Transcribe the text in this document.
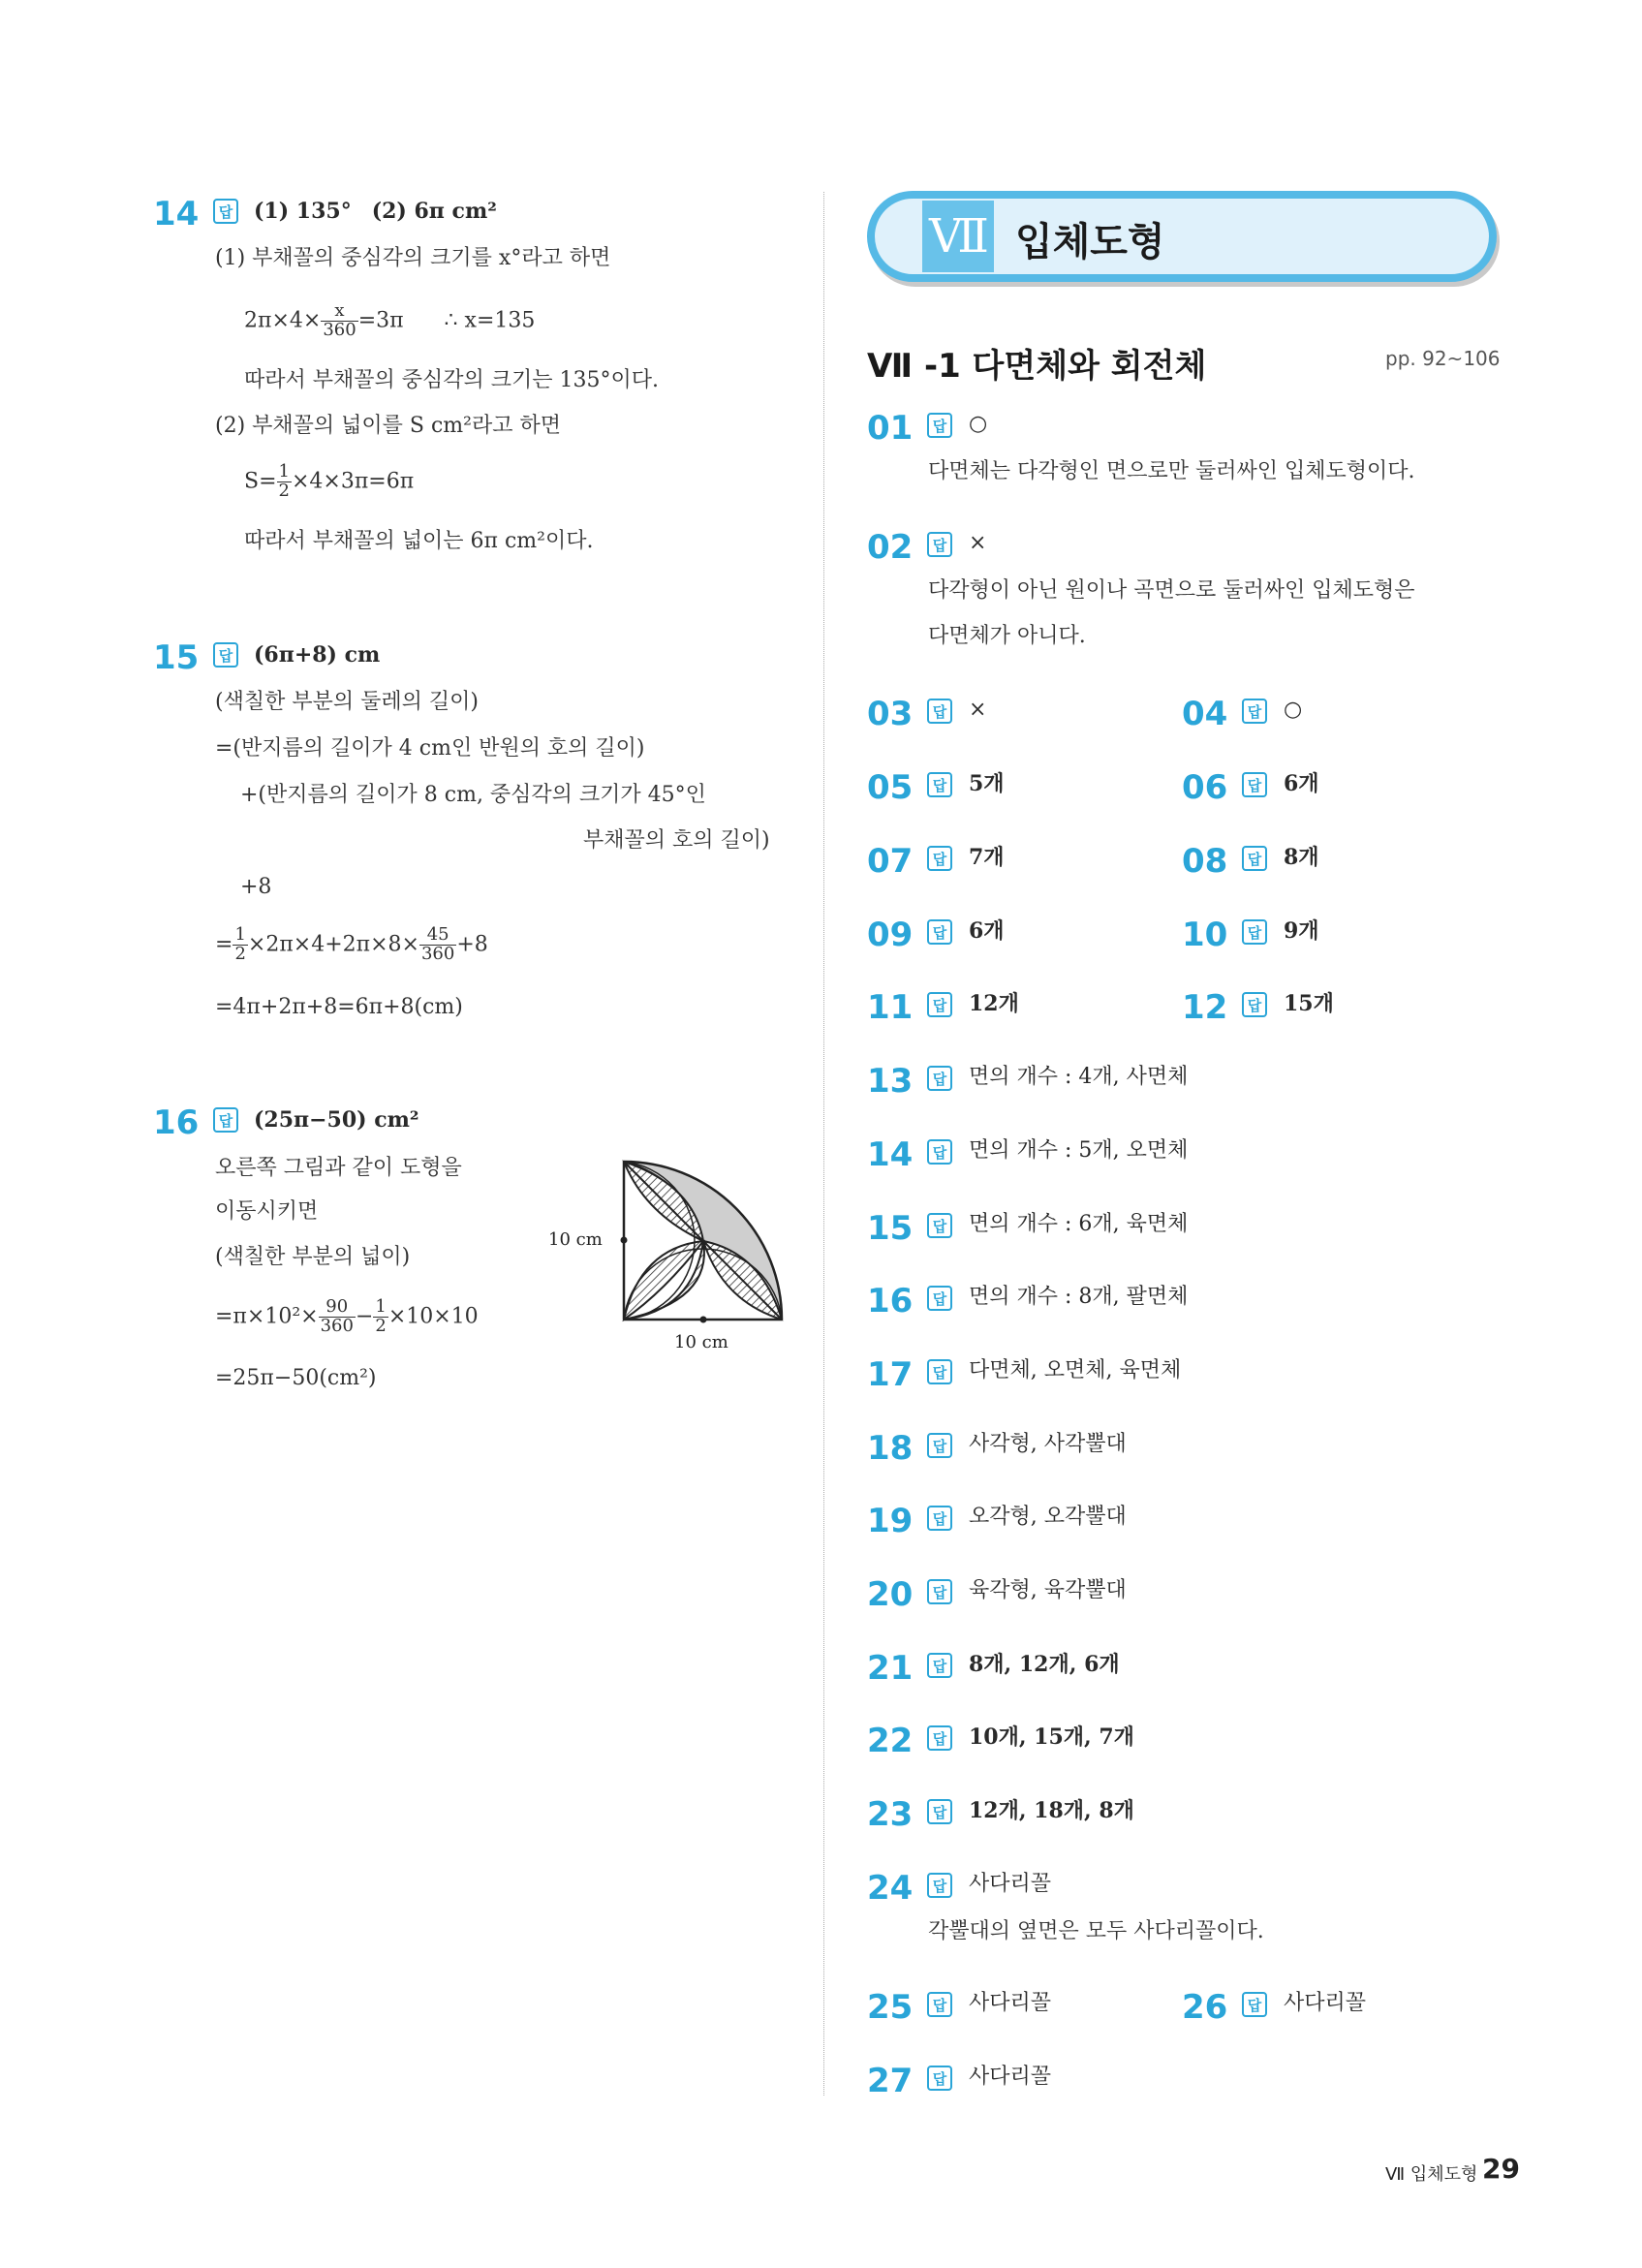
14	답 (1) 135° (2) 6π cm²
(1) 부채꼴의 중심각의 크기를 x°라고 하면
$2\pi\times 4\times \frac{x}{360} =3\pi$ ∴ x=135
따라서 부채꼴의 중심각의 크기는 135°이다.
(2) 부채꼴의 넓이를 S cm²라고 하면
$S= \frac{1}{2} \times 4\times 3\pi=6\pi$
따라서 부채꼴의 넓이는 6π cm²이다.
15	답 (6π+8) cm
(색칠한 부분의 둘레의 길이)
=(반지름의 길이가 4 cm인 반원의 호의 길이)
+(반지름의 길이가 8 cm, 중심각의 크기가 45°인
부채꼴의 호의 길이)
+8
= $\frac{1}{2} \times 2\pi\times 4+2\pi\times 8\times \frac{45}{360} +8$
=4π+2π+8=6π+8(cm)
16	답 (25π−50) cm²
오른쪽 그림과 같이 도형을
이동시키면
(색칠한 부분의 넓이)
$=\pi\times 10^2\times \frac{90}{360} - \frac{1}{2} \times 10\times 10$
=25π−50(cm²)
10 cm
10 cm
Ⅶ 입체도형
Ⅶ -1 다면체와 회전체	pp. 92~106
01	답 ○
다면체는 다각형인 면으로만 둘러싸인 입체도형이다.
02	답 ×
다각형이 아닌 원이나 곡면으로 둘러싸인 입체도형은
다면체가 아니다.
03	답 ×	04	답 ○
05	답 5개	06	답 6개
07	답 7개	08	답 8개
09	답 6개	10	답 9개
11	답 12개	12	답 15개
13	답 면의 개수 : 4개, 사면체
14	답 면의 개수 : 5개, 오면체
15	답 면의 개수 : 6개, 육면체
16	답 면의 개수 : 8개, 팔면체
17	답 다면체, 오면체, 육면체
18	답 사각형, 사각뿔대
19	답 오각형, 오각뿔대
20	답 육각형, 육각뿔대
21	답 8개, 12개, 6개
22	답 10개, 15개, 7개
23	답 12개, 18개, 8개
24	답 사다리꼴
각뿔대의 옆면은 모두 사다리꼴이다.
25	답 사다리꼴	26	답 사다리꼴
27	답 사다리꼴
Ⅶ 입체도형 29
